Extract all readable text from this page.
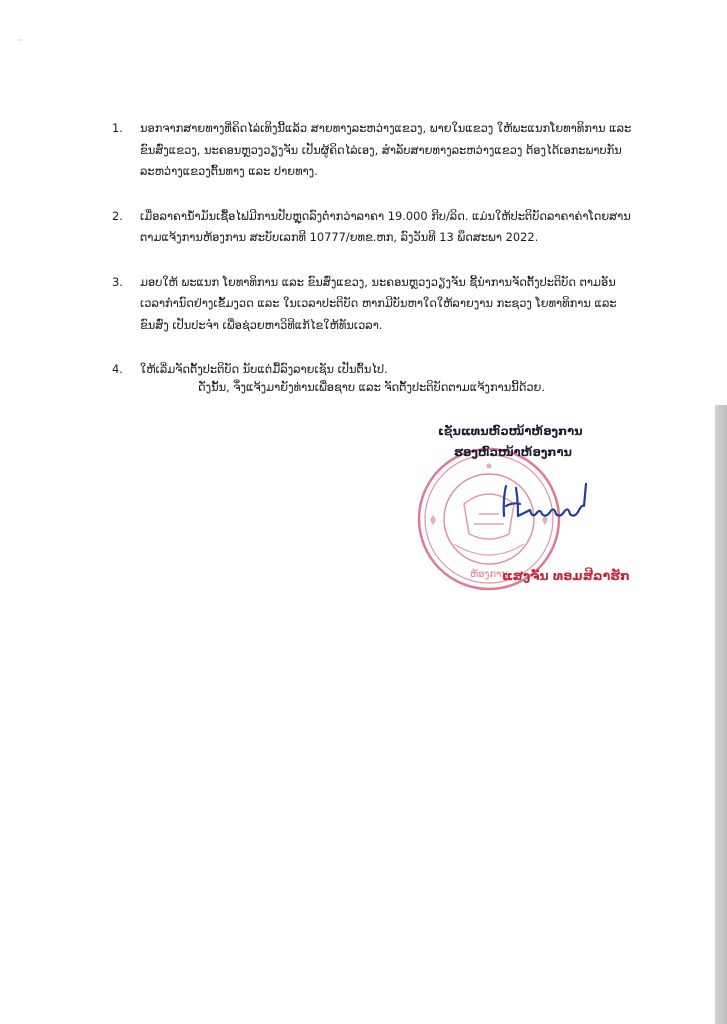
··
1.	ນອກຈາກສາຍທາງທີ່ຄິດໄລ່ເທິງນີ້ແລ້ວ ສາຍທາງລະຫວ່າງແຂວງ, ພາຍໃນແຂວງ ໃຫ້ພະແນກໂຍທາທິການ ແລະ ຂົນສົ່ງແຂວງ, ນະຄອນຫຼວງວຽງຈັນ ເປັນຜູ້ຄິດໄລ່ເອງ, ສໍາລັບສາຍທາງລະຫວ່າງແຂວງ ຕ້ອງໄດ້ເອກະພາບກັນລະຫວ່າງແຂວງຕົ້ນທາງ ແລະ ປາຍທາງ.
2.	ເມື່ອລາຄານ້ຳມັນເຊື້ອໄຟມີການປັບຫຼຸດລົງຕ່ຳກວ່າລາຄາ 19.000 ກີບ/ລິດ. ແມ່ນໃຫ້ປະຕິບັດລາຄາຄ່າໂດຍສານຕາມແຈ້ງການຫ້ອງການ ສະບັບເລກທີ 10777/ຍທຂ.ຫກ, ລົງວັນທີ 13 ພຶດສະພາ 2022.
3.	ມອບໃຫ້ ພະແນກ ໂຍທາທິການ ແລະ ຂົນສົ່ງແຂວງ, ນະຄອນຫຼວງວຽງຈັນ ຊີ້ນຳການຈັດຕັ້ງປະຕິບັດ ຕາມອັນ ເວລາກຳນົດຢ່າງເຂັ້ມງວດ ແລະ ໃນເວລາປະຕິບັດ ຫາກມີບັນຫາໃດໃຫ້ລາຍງານ ກະຊວງ ໂຍທາທິການ ແລະ ຂົນສົ່ງ ເປັນປະຈຳ ເພື່ອຊ່ວຍຫາວິທີແກ້ໄຂໃຫ້ທັນເວລາ.
4.	ໃຫ້ເລີ່ມຈັດຕັ້ງປະຕິບັດ ນັບແຕ່ມື້ລົງລາຍເຊັນ ເປັນຕົ້ນໄປ.
ດັ່ງນັ້ນ, ຈຶ່ງແຈ້ງມາຍັງທ່ານເພື່ອຊາບ ແລະ ຈັດຕັ້ງປະຕິບັດຕາມແຈ້ງການນີ້ດ້ວຍ.
ຫ້ອງການ
ເຊັນແທນຫົວໜ້າຫ້ອງການ
ຮອງຫົວໜ້າຫ້ອງການ
ແສງຈັນ ທອມສີລາຮັກ
